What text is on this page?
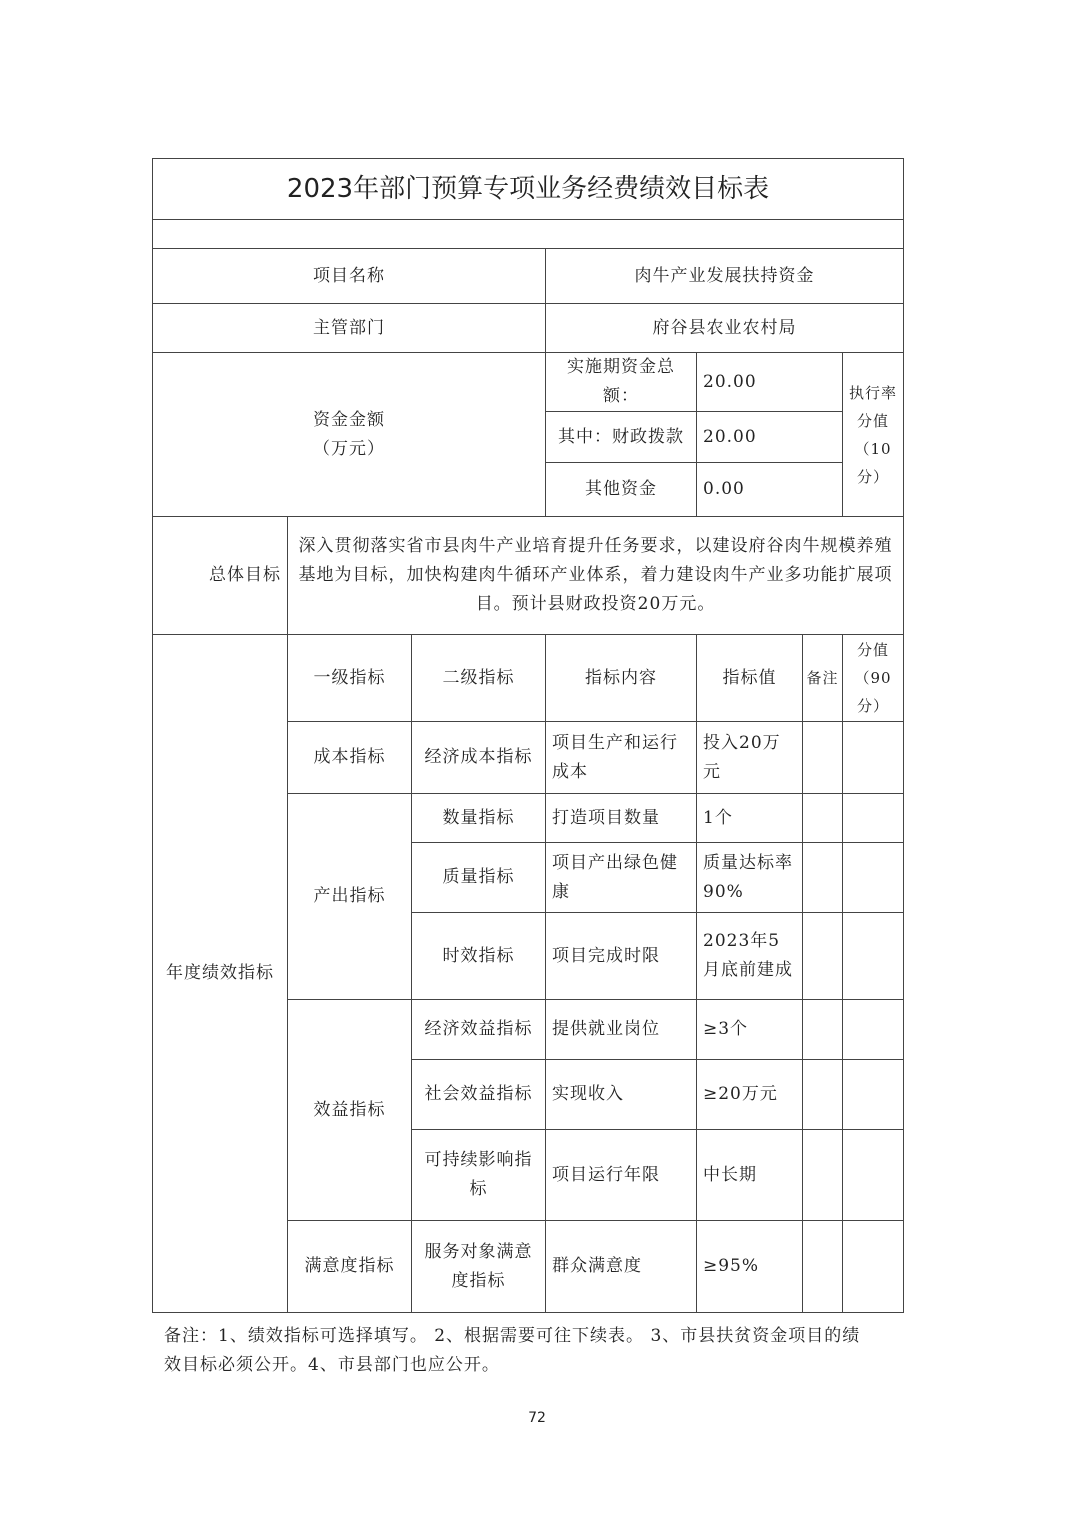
2023年部门预算专项业务经费绩效目标表						

项目名称			肉牛产业发展扶持资金			
主管部门			府谷县农业农村局			
资金金额
（万元）			实施期资金总额：	20.00		执行率分值（10分）
			其中：财政拨款	20.00		
			其他资金	0.00		
总体目标	深入贯彻落实省市县肉牛产业培育提升任务要求，以建设府谷肉牛规模养殖基地为目标，加快构建肉牛循环产业体系，着力建设肉牛产业多功能扩展项目。预计县财政投资20万元。					
年度绩效指标	一级指标	二级指标	指标内容	指标值	备注	分值（90分）
	成本指标	经济成本指标	项目生产和运行成本	投入20万元		
	产出指标	数量指标	打造项目数量	1个		
		质量指标	项目产出绿色健康	质量达标率90%		
		时效指标	项目完成时限	2023年5月底前建成		
	效益指标	经济效益指标	提供就业岗位	≥3个		
		社会效益指标	实现收入	≥20万元		
		可持续影响指标	项目运行年限	中长期		
	满意度指标	服务对象满意度指标	群众满意度	≥95%		
备注：1、绩效指标可选择填写。 2、根据需要可往下续表。 3、市县扶贫资金项目的绩效目标必须公开。4、市县部门也应公开。
72
